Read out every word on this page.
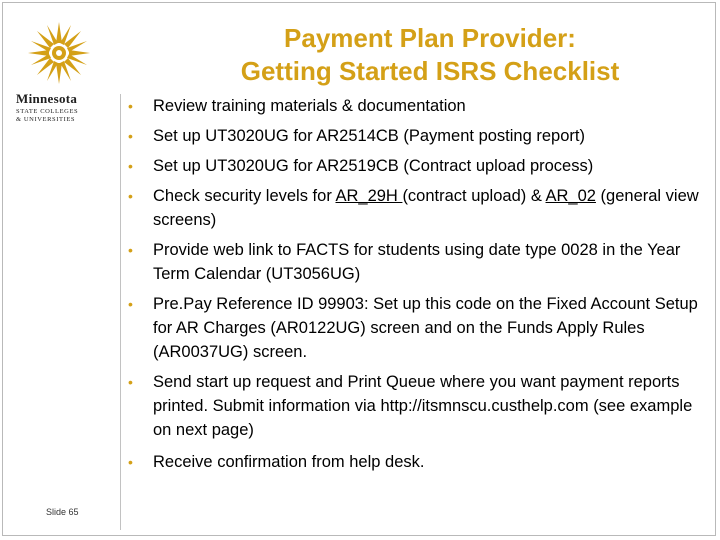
Minnesota
STATE COLLEGES
& UNIVERSITIES
Slide 65
Payment Plan Provider:
Getting Started ISRS Checklist
• Review training materials & documentation
• Set up UT3020UG for AR2514CB (Payment posting report)
• Set up UT3020UG for AR2519CB (Contract upload process)
• Check security levels for AR_29H (contract upload) & AR_02 (general view screens)
• Provide web link to FACTS for students using date type 0028 in the Year Term Calendar (UT3056UG)
• Pre.Pay Reference ID 99903: Set up this code on the Fixed Account Setup for AR Charges (AR0122UG) screen and on the Funds Apply Rules (AR0037UG) screen.
• Send start up request and Print Queue where you want payment reports printed. Submit information via http://itsmnscu.custhelp.com (see example on next page)
• Receive confirmation from help desk.
